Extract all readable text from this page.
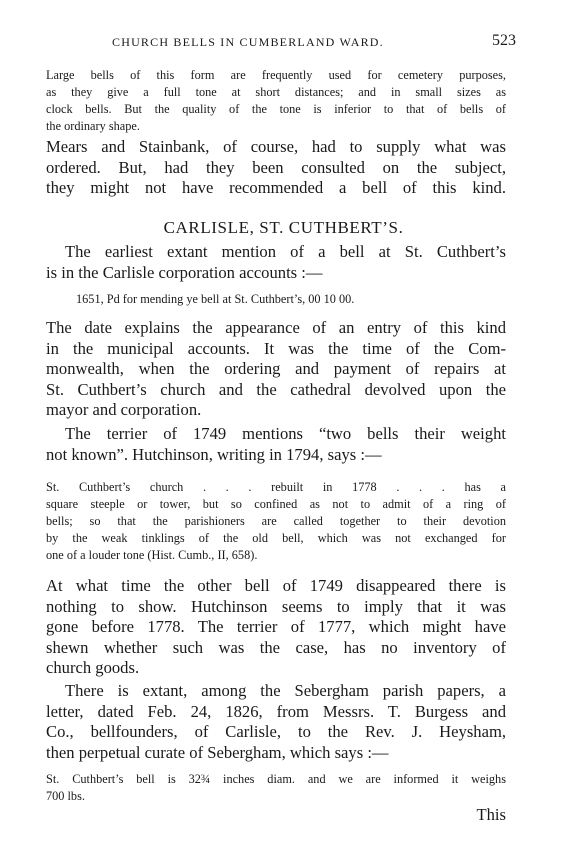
CHURCH BELLS IN CUMBERLAND WARD.	523

Large bells of this form are frequently used for cemetery purposes,
as they give a full tone at short distances; and in small sizes as
clock bells. But the quality of the tone is inferior to that of bells of
the ordinary shape.

Mears and Stainbank, of course, had to supply what was
ordered. But, had they been consulted on the subject,
they might not have recommended a bell of this kind.

CARLISLE, ST. CUTHBERT’S.

The earliest extant mention of a bell at St. Cuthbert’s
is in the Carlisle corporation accounts :—

1651, Pd for mending ye bell at St. Cuthbert’s, 00 10 00.

The date explains the appearance of an entry of this kind
in the municipal accounts. It was the time of the Com-
monwealth, when the ordering and payment of repairs at
St. Cuthbert’s church and the cathedral devolved upon the
mayor and corporation.

The terrier of 1749 mentions “two bells their weight
not known”. Hutchinson, writing in 1794, says :—

St. Cuthbert’s church . . . rebuilt in 1778 . . . has a
square steeple or tower, but so confined as not to admit of a ring of
bells; so that the parishioners are called together to their devotion
by the weak tinklings of the old bell, which was not exchanged for
one of a louder tone (Hist. Cumb., II, 658).

At what time the other bell of 1749 disappeared there is
nothing to show. Hutchinson seems to imply that it was
gone before 1778. The terrier of 1777, which might have
shewn whether such was the case, has no inventory of
church goods.

There is extant, among the Sebergham parish papers, a
letter, dated Feb. 24, 1826, from Messrs. T. Burgess and
Co., bellfounders, of Carlisle, to the Rev. J. Heysham,
then perpetual curate of Sebergham, which says :—

St. Cuthbert’s bell is 32¾ inches diam. and we are informed it weighs
700 lbs.

This
